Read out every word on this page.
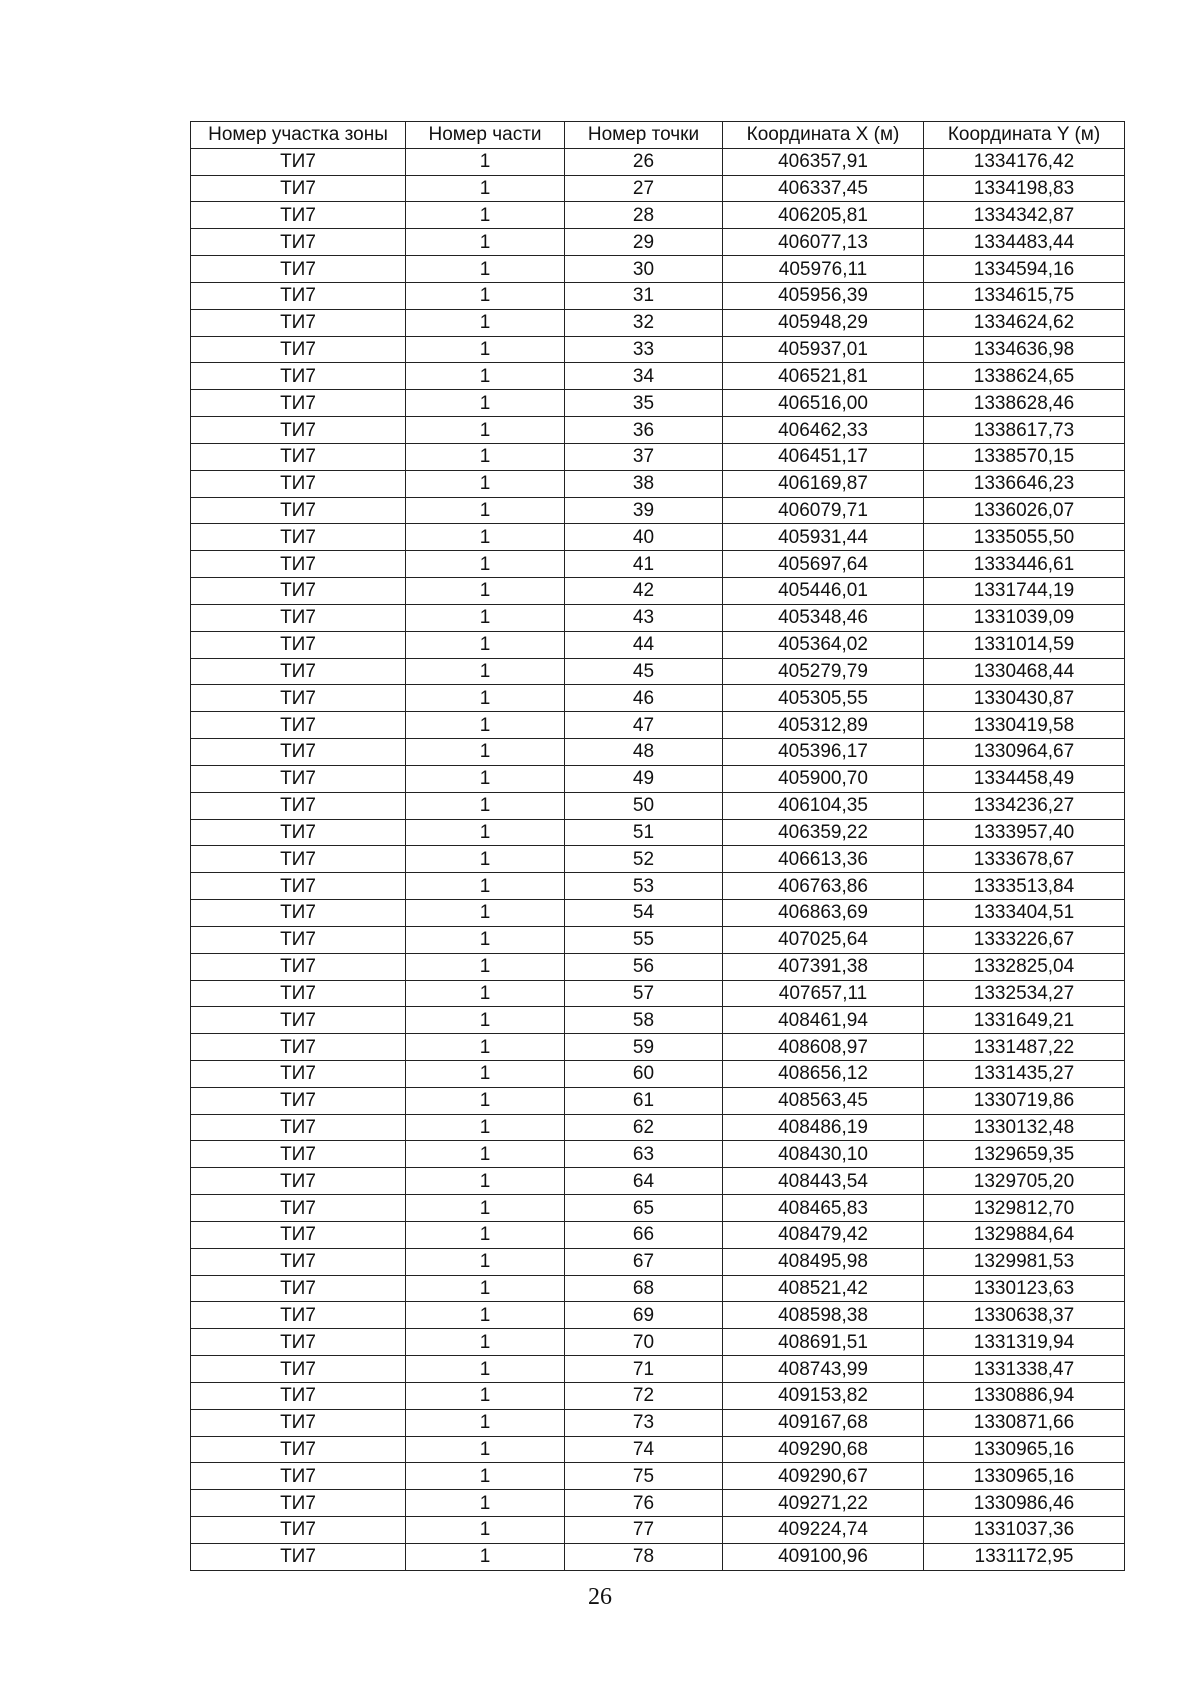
Номер участка зоны	Номер части	Номер точки	Координата X (м)	Координата Y (м)
ТИ7	1	26	406357,91	1334176,42
ТИ7	1	27	406337,45	1334198,83
ТИ7	1	28	406205,81	1334342,87
ТИ7	1	29	406077,13	1334483,44
ТИ7	1	30	405976,11	1334594,16
ТИ7	1	31	405956,39	1334615,75
ТИ7	1	32	405948,29	1334624,62
ТИ7	1	33	405937,01	1334636,98
ТИ7	1	34	406521,81	1338624,65
ТИ7	1	35	406516,00	1338628,46
ТИ7	1	36	406462,33	1338617,73
ТИ7	1	37	406451,17	1338570,15
ТИ7	1	38	406169,87	1336646,23
ТИ7	1	39	406079,71	1336026,07
ТИ7	1	40	405931,44	1335055,50
ТИ7	1	41	405697,64	1333446,61
ТИ7	1	42	405446,01	1331744,19
ТИ7	1	43	405348,46	1331039,09
ТИ7	1	44	405364,02	1331014,59
ТИ7	1	45	405279,79	1330468,44
ТИ7	1	46	405305,55	1330430,87
ТИ7	1	47	405312,89	1330419,58
ТИ7	1	48	405396,17	1330964,67
ТИ7	1	49	405900,70	1334458,49
ТИ7	1	50	406104,35	1334236,27
ТИ7	1	51	406359,22	1333957,40
ТИ7	1	52	406613,36	1333678,67
ТИ7	1	53	406763,86	1333513,84
ТИ7	1	54	406863,69	1333404,51
ТИ7	1	55	407025,64	1333226,67
ТИ7	1	56	407391,38	1332825,04
ТИ7	1	57	407657,11	1332534,27
ТИ7	1	58	408461,94	1331649,21
ТИ7	1	59	408608,97	1331487,22
ТИ7	1	60	408656,12	1331435,27
ТИ7	1	61	408563,45	1330719,86
ТИ7	1	62	408486,19	1330132,48
ТИ7	1	63	408430,10	1329659,35
ТИ7	1	64	408443,54	1329705,20
ТИ7	1	65	408465,83	1329812,70
ТИ7	1	66	408479,42	1329884,64
ТИ7	1	67	408495,98	1329981,53
ТИ7	1	68	408521,42	1330123,63
ТИ7	1	69	408598,38	1330638,37
ТИ7	1	70	408691,51	1331319,94
ТИ7	1	71	408743,99	1331338,47
ТИ7	1	72	409153,82	1330886,94
ТИ7	1	73	409167,68	1330871,66
ТИ7	1	74	409290,68	1330965,16
ТИ7	1	75	409290,67	1330965,16
ТИ7	1	76	409271,22	1330986,46
ТИ7	1	77	409224,74	1331037,36
ТИ7	1	78	409100,96	1331172,95
26
